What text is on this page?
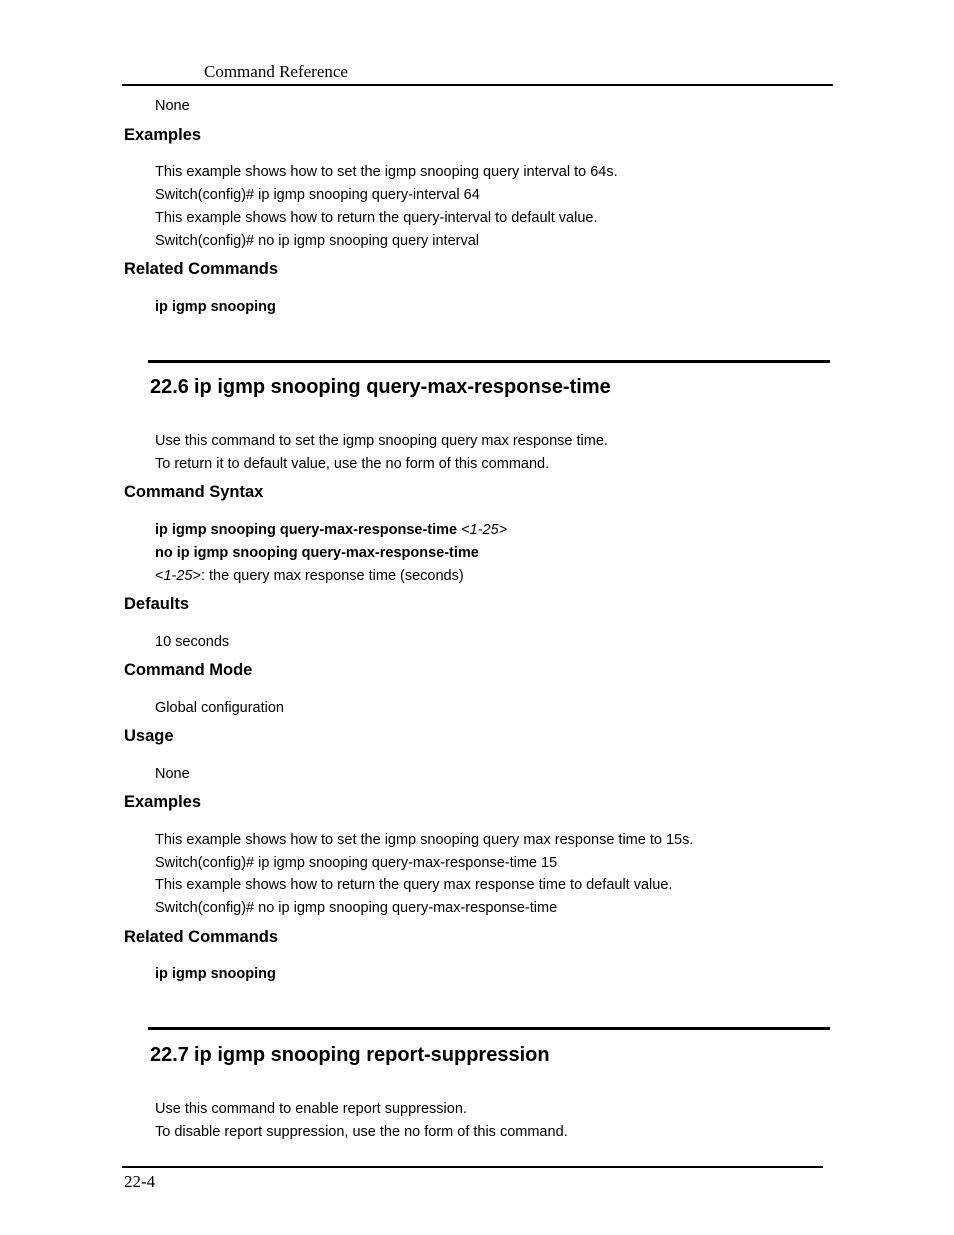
Command Reference
None
Examples
This example shows how to set the igmp snooping query interval to 64s.
Switch(config)# ip igmp snooping query-interval 64
This example shows how to return the query-interval to default value.
Switch(config)# no ip igmp snooping query interval
Related Commands
ip igmp snooping
22.6 ip igmp snooping query-max-response-time
Use this command to set the igmp snooping query max response time.
To return it to default value, use the no form of this command.
Command Syntax
ip igmp snooping query-max-response-time <1-25>
no ip igmp snooping query-max-response-time
<1-25>: the query max response time (seconds)
Defaults
10 seconds
Command Mode
Global configuration
Usage
None
Examples
This example shows how to set the igmp snooping query max response time to 15s.
Switch(config)# ip igmp snooping query-max-response-time 15
This example shows how to return the query max response time to default value.
Switch(config)# no ip igmp snooping query-max-response-time
Related Commands
ip igmp snooping
22.7 ip igmp snooping report-suppression
Use this command to enable report suppression.
To disable report suppression, use the no form of this command.
22-4
